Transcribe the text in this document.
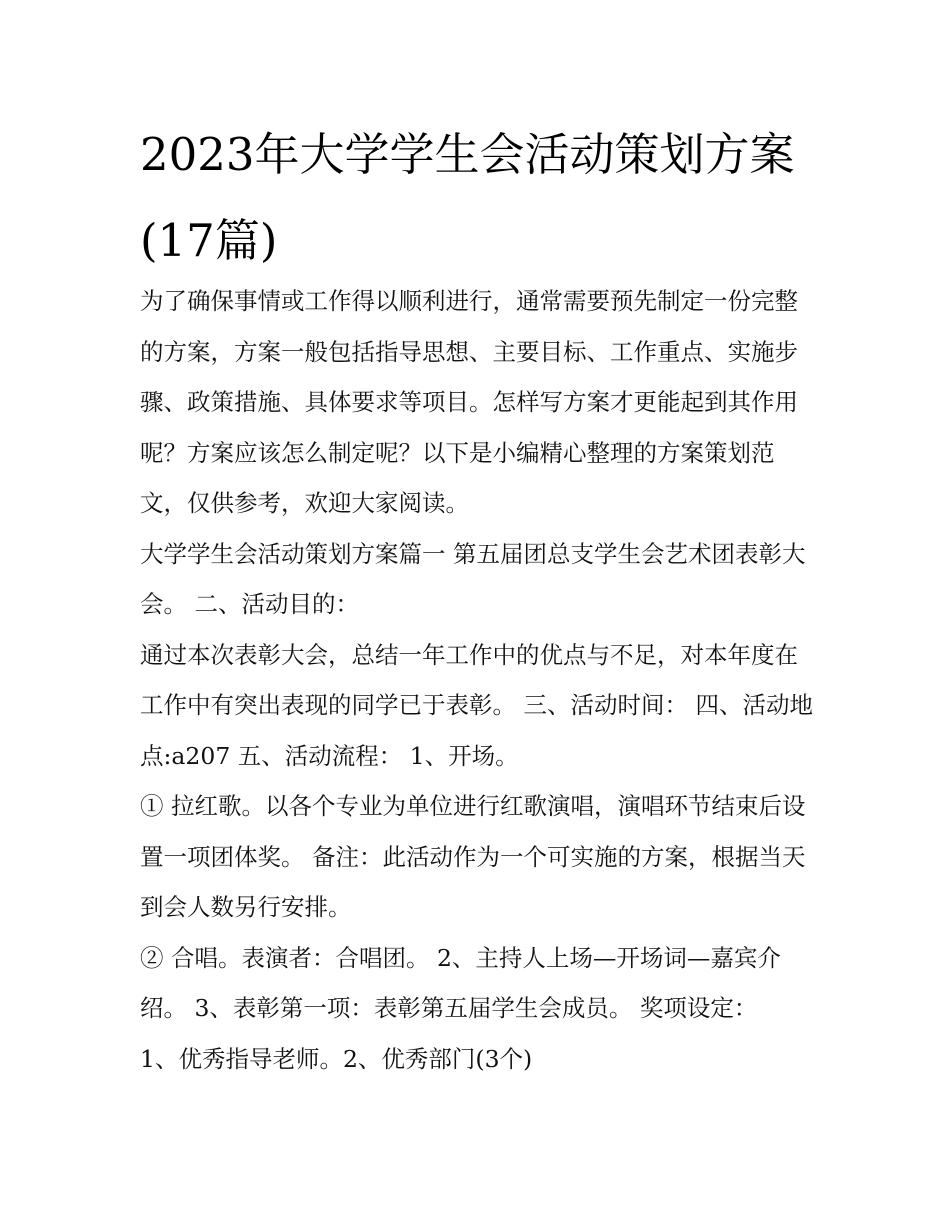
2023年大学学生会活动策划方案(17篇)

为了确保事情或工作得以顺利进行，通常需要预先制定一份完整的方案，方案一般包括指导思想、主要目标、工作重点、实施步骤、政策措施、具体要求等项目。怎样写方案才更能起到其作用呢？方案应该怎么制定呢？以下是小编精心整理的方案策划范文，仅供参考，欢迎大家阅读。

大学学生会活动策划方案篇一 第五届团总支学生会艺术团表彰大会。 二、活动目的：

通过本次表彰大会，总结一年工作中的优点与不足，对本年度在工作中有突出表现的同学已于表彰。 三、活动时间： 四、活动地点:a207 五、活动流程： 1、开场。

① 拉红歌。以各个专业为单位进行红歌演唱，演唱环节结束后设置一项团体奖。 备注：此活动作为一个可实施的方案，根据当天到会人数另行安排。

② 合唱。表演者：合唱团。 2、主持人上场—开场词—嘉宾介绍。 3、表彰第一项：表彰第五届学生会成员。 奖项设定：

1、优秀指导老师。2、优秀部门(3个)
